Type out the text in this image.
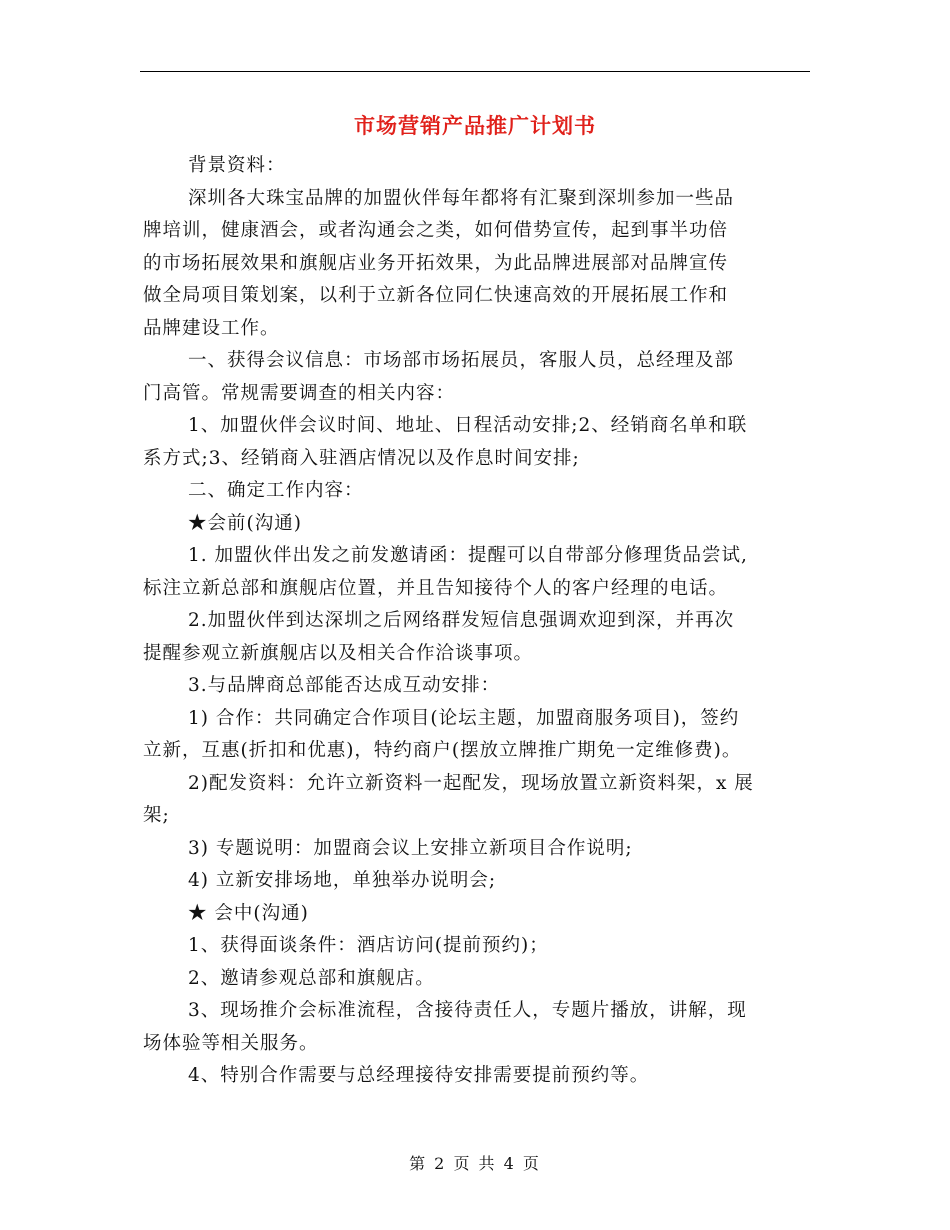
市场营销产品推广计划书

背景资料：

深圳各大珠宝品牌的加盟伙伴每年都将有汇聚到深圳参加一些品

牌培训，健康酒会，或者沟通会之类，如何借势宣传，起到事半功倍

的市场拓展效果和旗舰店业务开拓效果，为此品牌进展部对品牌宣传

做全局项目策划案，以利于立新各位同仁快速高效的开展拓展工作和

品牌建设工作。

一、获得会议信息：市场部市场拓展员，客服人员，总经理及部

门高管。常规需要调查的相关内容：

1、加盟伙伴会议时间、地址、日程活动安排;2、经销商名单和联

系方式;3、经销商入驻酒店情况以及作息时间安排;

二、确定工作内容：

★会前(沟通)

1. 加盟伙伴出发之前发邀请函：提醒可以自带部分修理货品尝试,

标注立新总部和旗舰店位置，并且告知接待个人的客户经理的电话。

2.加盟伙伴到达深圳之后网络群发短信息强调欢迎到深，并再次

提醒参观立新旗舰店以及相关合作洽谈事项。

3.与品牌商总部能否达成互动安排：

1) 合作：共同确定合作项目(论坛主题，加盟商服务项目)，签约

立新，互惠(折扣和优惠)，特约商户(摆放立牌推广期免一定维修费)。

2)配发资料：允许立新资料一起配发，现场放置立新资料架，x 展

架;

3) 专题说明：加盟商会议上安排立新项目合作说明;

4) 立新安排场地，单独举办说明会;

★ 会中(沟通)

1、获得面谈条件：酒店访问(提前预约)；

2、邀请参观总部和旗舰店。

3、现场推介会标准流程，含接待责任人，专题片播放，讲解，现

场体验等相关服务。

4、特别合作需要与总经理接待安排需要提前预约等。

第 2 页 共 4 页
